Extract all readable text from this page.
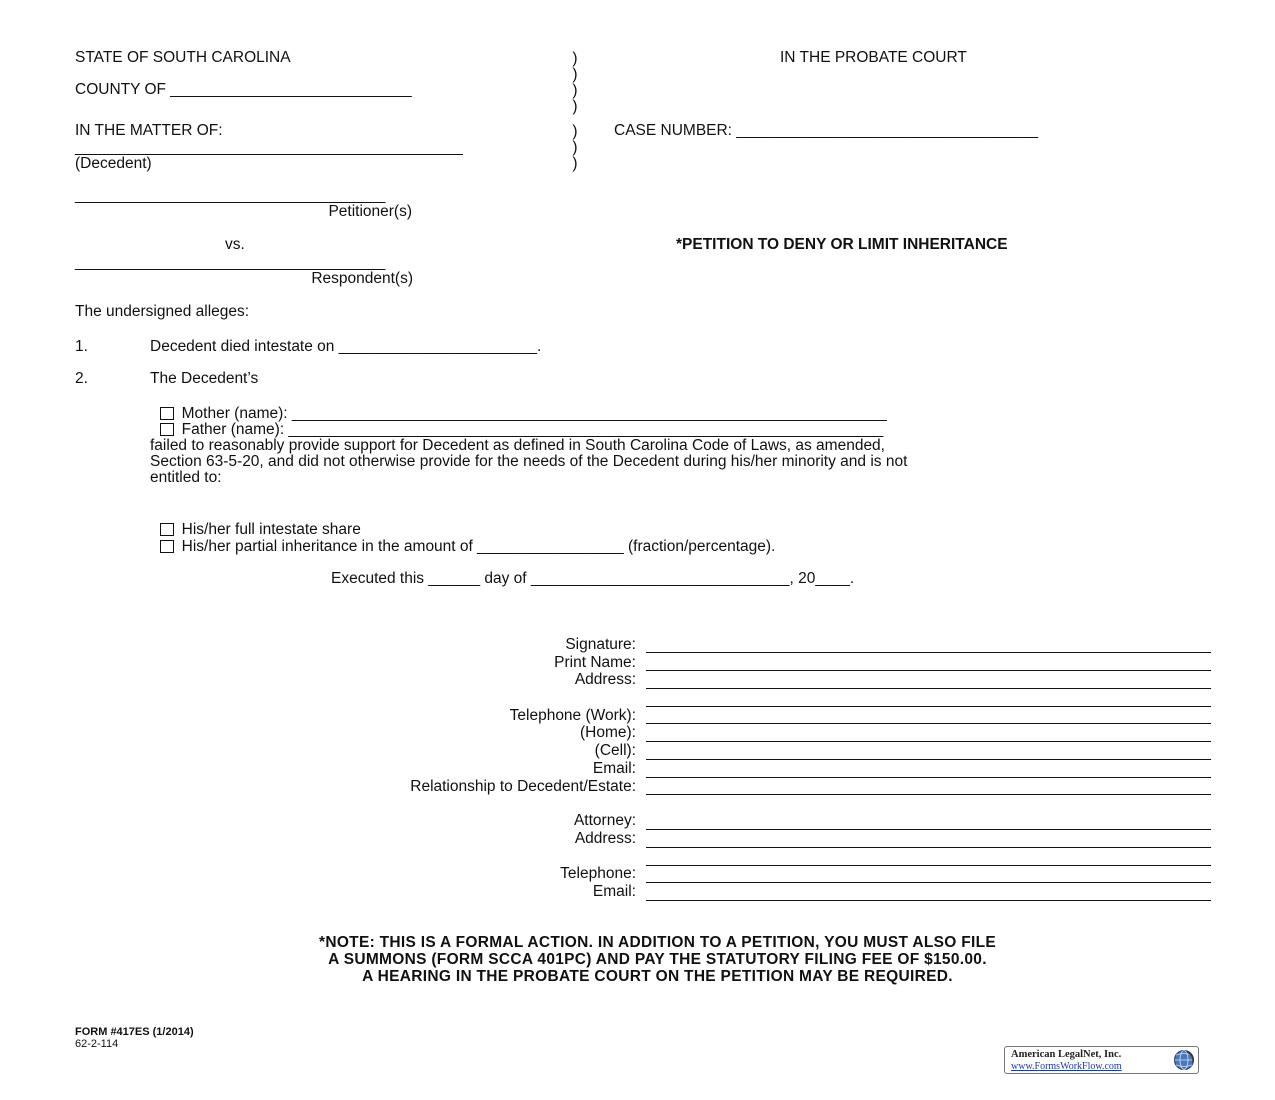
STATE OF SOUTH CAROLINA
COUNTY OF ____________________________
IN THE PROBATE COURT
IN THE MATTER OF:
_____________________________________________
(Decedent)
CASE NUMBER: ___________________________________
)
)
)
)
)
)
)
____________________________________
Petitioner(s)
vs.
____________________________________
Respondent(s)
*PETITION TO DENY OR LIMIT INHERITANCE
The undersigned alleges:
1.	Decedent died intestate on _______________________.
2.	The Decedent’s

Mother (name): _____________________________________________________________________

Father (name): _____________________________________________________________________

failed to reasonably provide support for Decedent as defined in South Carolina Code of Laws, as amended,
Section 63-5-20, and did not otherwise provide for the needs of the Decedent during his/her minority and is not
entitled to:

His/her full intestate share

His/her partial inheritance in the amount of _________________ (fraction/percentage).

Executed this ______ day of ______________________________, 20____.
Signature:
Print Name:
Address:
Telephone (Work):
(Home):
(Cell):
Email:
Relationship to Decedent/Estate:
Attorney:
Address:
Telephone:
Email:
*NOTE: THIS IS A FORMAL ACTION. IN ADDITION TO A PETITION, YOU MUST ALSO FILE
A SUMMONS (FORM SCCA 401PC) AND PAY THE STATUTORY FILING FEE OF $150.00.
A HEARING IN THE PROBATE COURT ON THE PETITION MAY BE REQUIRED.
FORM #417ES (1/2014)
62-2-114
American LegalNet, Inc.
www.FormsWorkFlow.com
